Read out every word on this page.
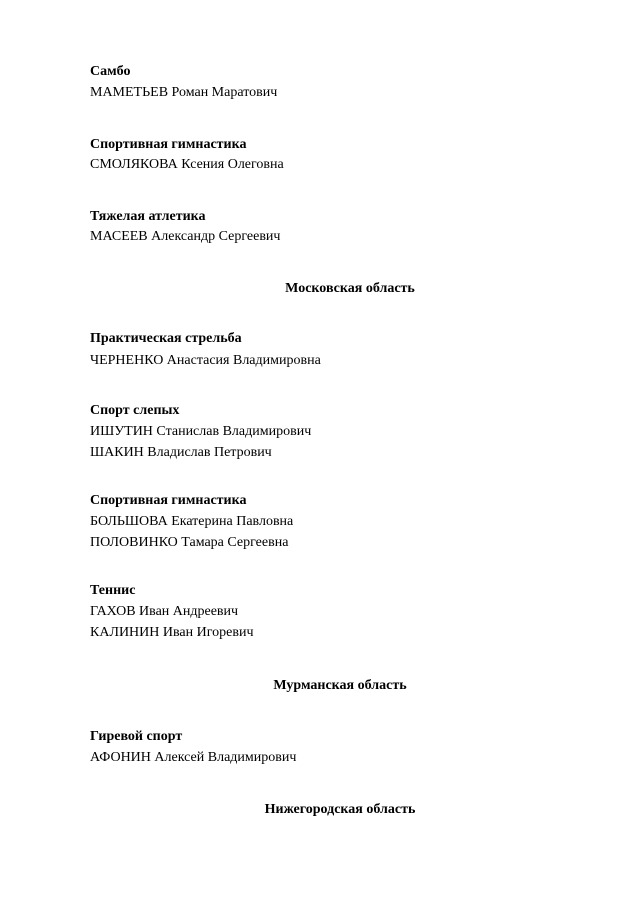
Самбо
МАМЕТЬЕВ Роман Маратович
Спортивная гимнастика
СМОЛЯКОВА Ксения Олеговна
Тяжелая атлетика
МАСЕЕВ Александр Сергеевич
Московская область
Практическая стрельба
ЧЕРНЕНКО Анастасия Владимировна
Спорт слепых
ИШУТИН Станислав Владимирович
ШАКИН Владислав Петрович
Спортивная гимнастика
БОЛЬШОВА Екатерина Павловна
ПОЛОВИНКО Тамара Сергеевна
Теннис
ГАХОВ Иван Андреевич
КАЛИНИН Иван Игоревич
Мурманская область
Гиревой спорт
АФОНИН Алексей Владимирович
Нижегородская область
